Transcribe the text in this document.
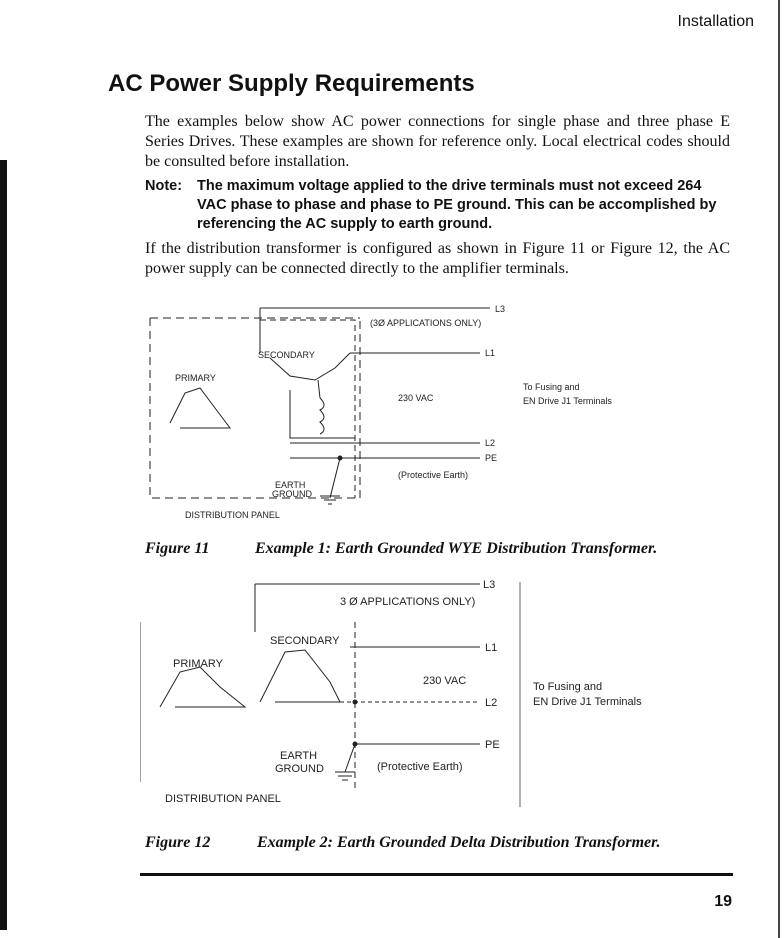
Installation
AC Power Supply Requirements
The examples below show AC power connections for single phase and three phase E Series Drives. These examples are shown for reference only. Local electrical codes should be consulted before installation.
Note: The maximum voltage applied to the drive terminals must not exceed 264 VAC phase to phase and phase to PE ground. This can be accomplished by referencing the AC supply to earth ground.
If the distribution transformer is configured as shown in Figure 11 or Figure 12, the AC power supply can be connected directly to the amplifier terminals.
L3
(3Ø APPLICATIONS ONLY)
SECONDARY
PRIMARY
L1
230 VAC
To Fusing and
EN Drive J1 Terminals
L2
PE
(Protective Earth)
EARTH
GROUND
DISTRIBUTION PANEL
Figure 11	Example 1: Earth Grounded WYE Distribution Transformer.
L3
3 Ø APPLICATIONS ONLY)
SECONDARY
PRIMARY
L1
230 VAC	To Fusing and
EN Drive J1 Terminals
L2
PE
(Protective Earth)
EARTH
GROUND
DISTRIBUTION PANEL
Figure 12	Example 2: Earth Grounded Delta Distribution Transformer.
19
